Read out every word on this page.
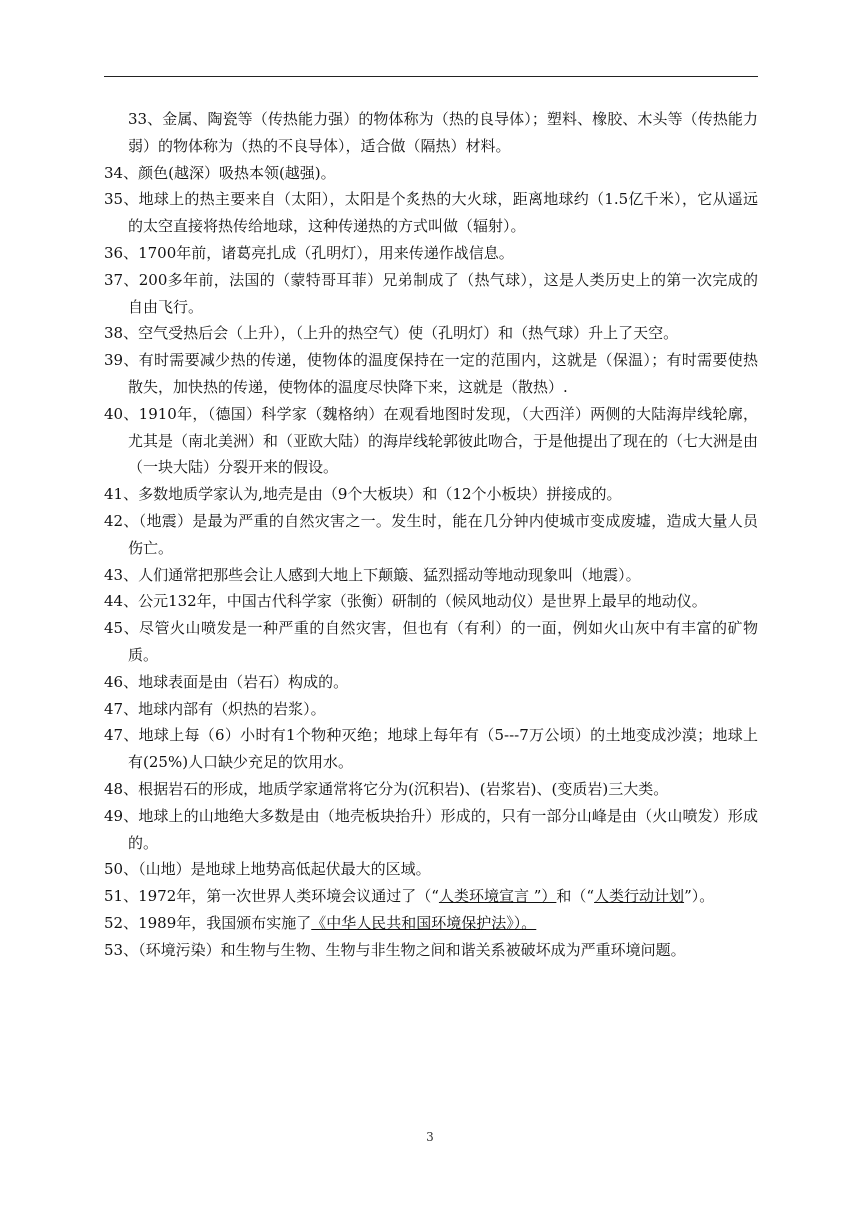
33、金属、陶瓷等（传热能力强）的物体称为（热的良导体）；塑料、橡胶、木头等（传热能力弱）的物体称为（热的不良导体），适合做（隔热）材料。
34、颜色(越深）吸热本领(越强)。
35、地球上的热主要来自（太阳），太阳是个炙热的大火球，距离地球约（1.5亿千米），它从遥远的太空直接将热传给地球，这种传递热的方式叫做（辐射）。
36、1700年前，诸葛亮扎成（孔明灯），用来传递作战信息。
37、200多年前，法国的（蒙特哥耳菲）兄弟制成了（热气球），这是人类历史上的第一次完成的自由飞行。
38、空气受热后会（上升），（上升的热空气）使（孔明灯）和（热气球）升上了天空。
39、有时需要减少热的传递，使物体的温度保持在一定的范围内，这就是（保温）；有时需要使热散失，加快热的传递，使物体的温度尽快降下来，这就是（散热）.
40、1910年，（德国）科学家（魏格纳）在观看地图时发现，（大西洋）两侧的大陆海岸线轮廓，尤其是（南北美洲）和（亚欧大陆）的海岸线轮郭彼此吻合，于是他提出了现在的（七大洲是由（一块大陆）分裂开来的假设。
41、多数地质学家认为,地壳是由（9个大板块）和（12个小板块）拼接成的。
42、（地震）是最为严重的自然灾害之一。发生时，能在几分钟内使城市变成废墟，造成大量人员伤亡。
43、人们通常把那些会让人感到大地上下颠簸、猛烈摇动等地动现象叫（地震）。
44、公元132年，中国古代科学家（张衡）研制的（候风地动仪）是世界上最早的地动仪。
45、尽管火山喷发是一种严重的自然灾害，但也有（有利）的一面，例如火山灰中有丰富的矿物质。
46、地球表面是由（岩石）构成的。
47、地球内部有（炽热的岩浆）。
47、地球上每（6）小时有1个物种灭绝；地球上每年有（5---7万公顷）的土地变成沙漠；地球上有(25%)人口缺少充足的饮用水。
48、根据岩石的形成，地质学家通常将它分为(沉积岩)、(岩浆岩)、(变质岩)三大类。
49、地球上的山地绝大多数是由（地壳板块抬升）形成的，只有一部分山峰是由（火山喷发）形成的。
50、（山地）是地球上地势高低起伏最大的区域。
51、1972年，第一次世界人类环境会议通过了（“人类环境宣言 ”）和（“人类行动计划”）。
52、1989年，我国颁布实施了《中华人民共和国环境保护法》）。
53、（环境污染）和生物与生物、生物与非生物之间和谐关系被破坏成为严重环境问题。
3
